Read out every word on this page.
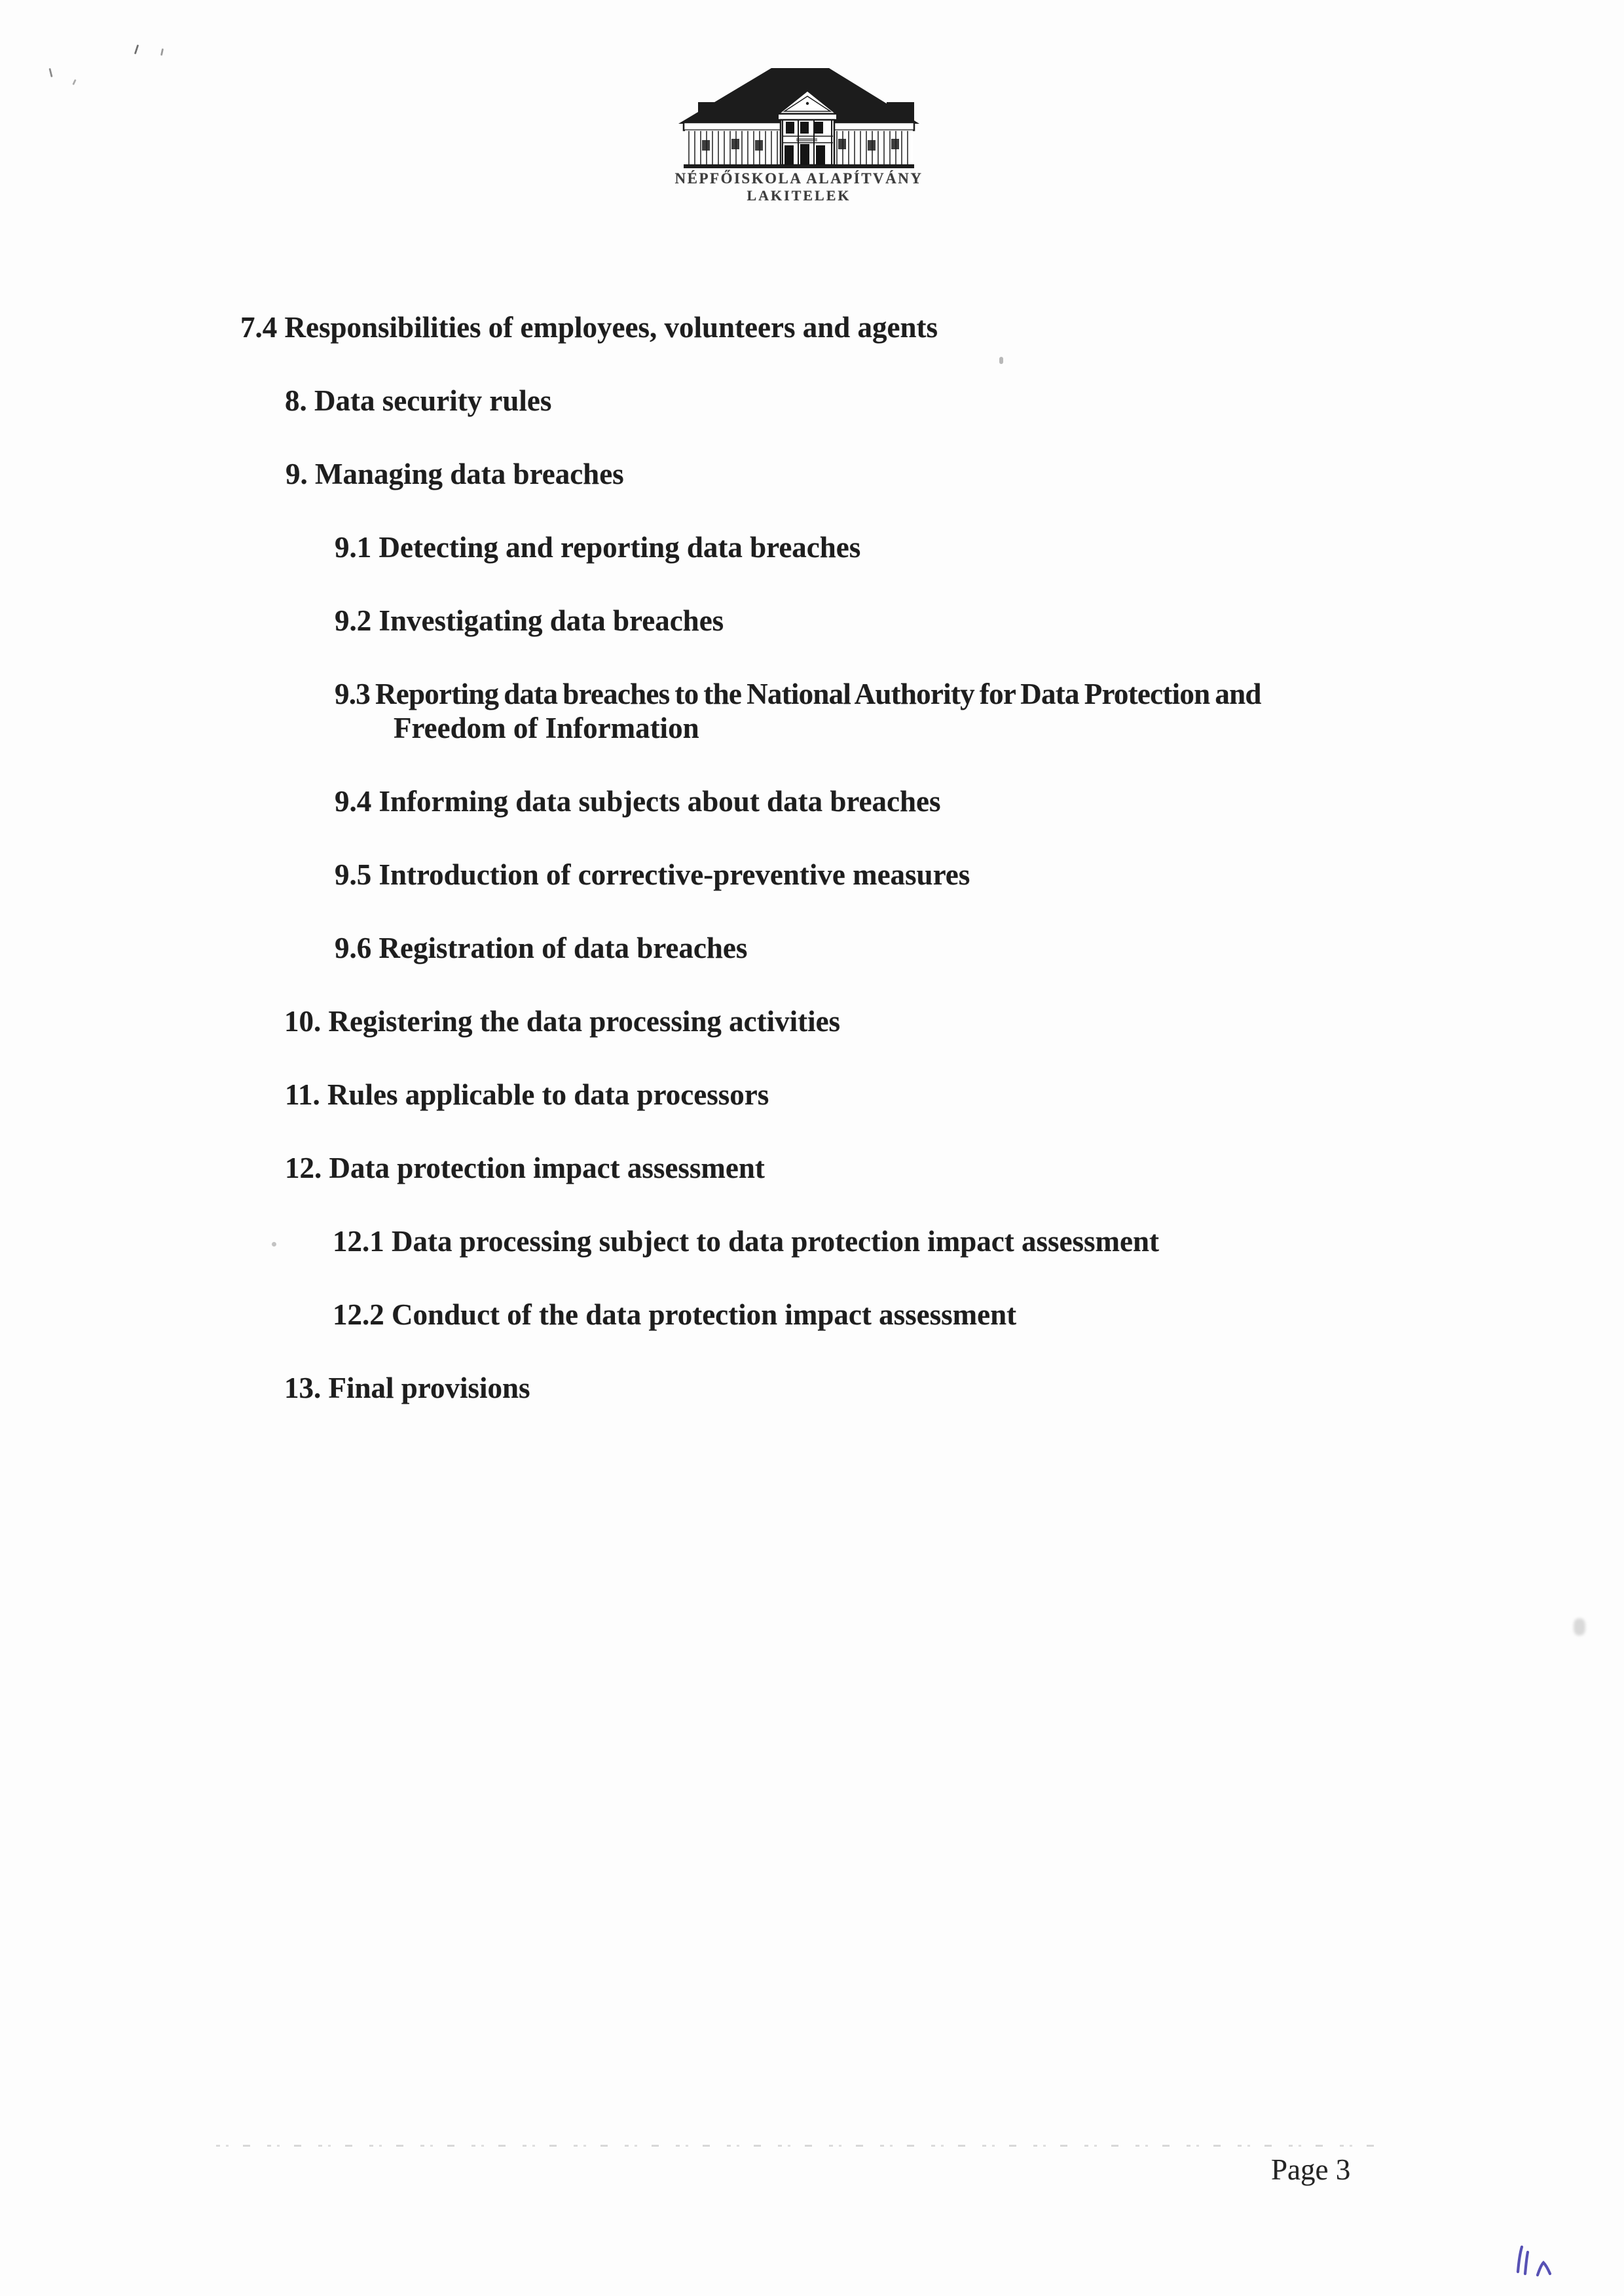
NÉPFŐISKOLA ALAPÍTVÁNY
LAKITELEK
7.4 Responsibilities of employees, volunteers and agents
8. Data security rules
9. Managing data breaches
9.1 Detecting and reporting data breaches
9.2 Investigating data breaches
9.3 Reporting data breaches to the National Authority for Data Protection and
Freedom of Information
9.4 Informing data subjects about data breaches
9.5 Introduction of corrective-preventive measures
9.6 Registration of data breaches
10. Registering the data processing activities
11. Rules applicable to data processors
12. Data protection impact assessment
12.1 Data processing subject to data protection impact assessment
12.2 Conduct of the data protection impact assessment
13. Final provisions
Page 3
